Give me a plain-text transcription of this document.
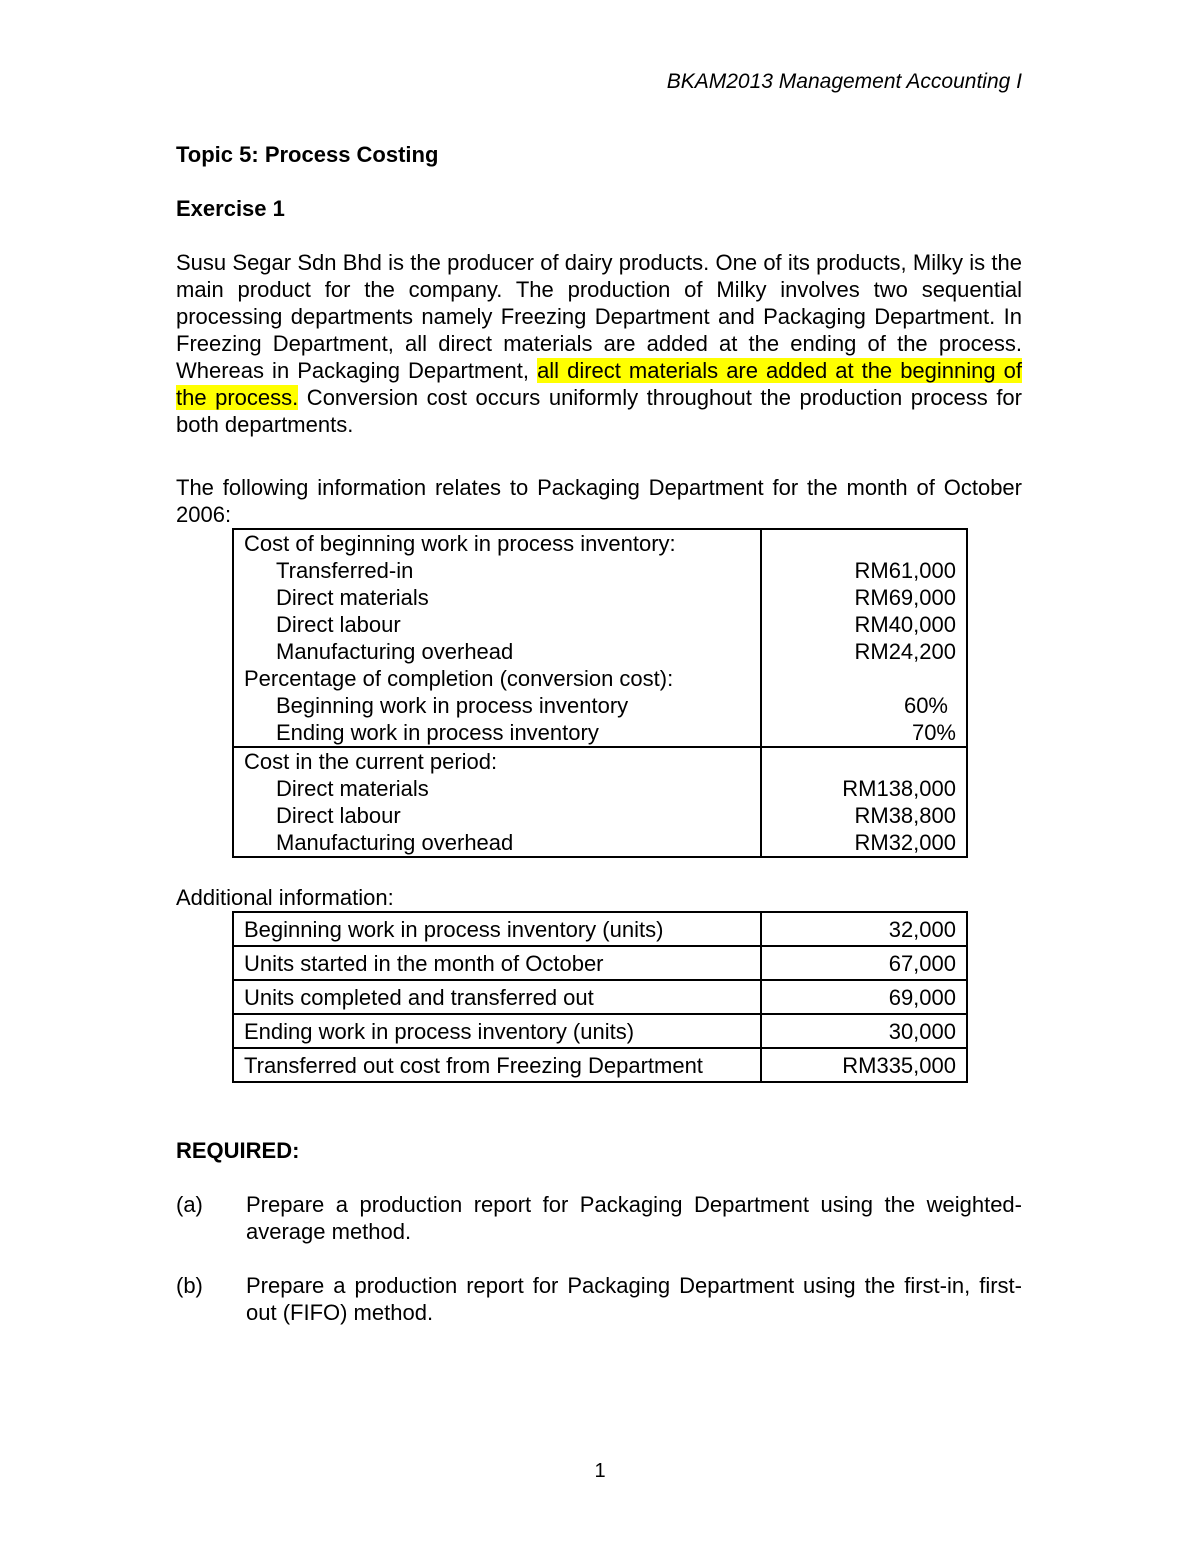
BKAM2013 Management Accounting I
Topic 5: Process Costing
Exercise 1

Susu Segar Sdn Bhd is the producer of dairy products. One of its products, Milky is the main product for the company. The production of Milky involves two sequential processing departments namely Freezing Department and Packaging Department. In Freezing Department, all direct materials are added at the ending of the process. Whereas in Packaging Department, all direct materials are added at the beginning of the process. Conversion cost occurs uniformly throughout the production process for both departments.

The following information relates to Packaging Department for the month of October 2006:

Cost of beginning work in process inventory:	
Transferred-in	RM61,000
Direct materials	RM69,000
Direct labour	RM40,000
Manufacturing overhead	RM24,200
Percentage of completion (conversion cost):	
Beginning work in process inventory	60%
Ending work in process inventory	70%
Cost in the current period:	
Direct materials	RM138,000
Direct labour	RM38,800
Manufacturing overhead	RM32,000

Additional information:

Beginning work in process inventory (units)	32,000
Units started in the month of October	67,000
Units completed and transferred out	69,000
Ending work in process inventory (units)	30,000
Transferred out cost from Freezing Department	RM335,000
REQUIRED:
(a)	Prepare a production report for Packaging Department using the weighted-average method.
(b)	Prepare a production report for Packaging Department using the first-in, first-out (FIFO) method.
1
